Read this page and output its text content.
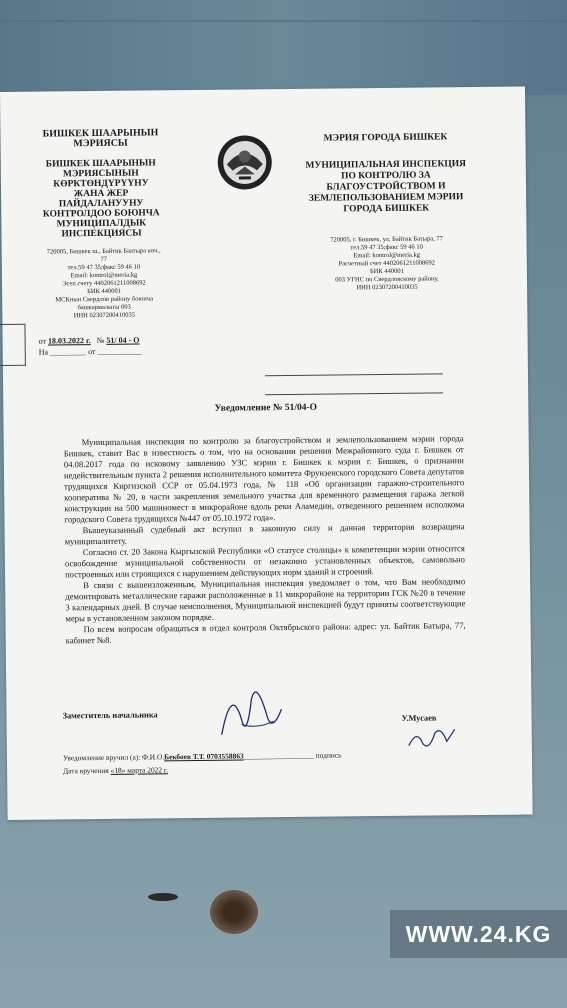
БИШКЕК ШААРЫНЫН МЭРИЯСЫ
БИШКЕК ШААРЫНЫН МЭРИЯСЫНЫН КӨРКТӨНДҮРҮҮНУ ЖАНА ЖЕР ПАЙДАЛАНУУНУ КОНТРОЛДОО БОЮНЧА МУНИЦИПАЛДЫК ИНСПЕКЦИЯСЫ
720005, Бишкек ш., Байтик Баатыра көч., 77
тел.59 47 35;факс 59 46 10
Email: kontrol@meria.kg
Эсеп счету 4402061211008692
БИК 440001
МСКнын Свердлов району боюнча
башкармалыгы 003
ИНН 02307200410035
МЭРИЯ ГОРОДА БИШКЕК
МУНИЦИПАЛЬНАЯ ИНСПЕКЦИЯ ПО КОНТРОЛЮ ЗА БЛАГОУСТРОЙСТВОМ И ЗЕМЛЕПОЛЬЗОВАНИЕМ МЭРИИ ГОРОДА БИШКЕК
720005, г. Бишкек, ул. Байтик Батыра, 77
тел.59 47 35;факс 59 46 10
Email: kontrol@meria.kg
Расчетный счет 4402061211008692
БИК 440001
003 УГНС по Свердловскому району,
ИНН 02307200410035
от 18.03.2022 г. № 51/ 04 - О
На _________ от ___________
Уведомление № 51/04-О

Муниципальная инспекция по контролю за благоустройством и землепользованием мэрии города Бишкек, ставит Вас в известность о том, что на основании решения Межрайонного суда г. Бишкек от 04.08.2017 года по исковому заявлению УЗС мэрии г. Бишкек к мэрии г. Бишкек, о признании недействительным пункта 2 решения исполнительного комитета Фрунзенского городского Совета депутатов трудящихся Киргизской ССР от 05.04.1973 года, № 118 «Об организации гаражно-строительного кооператива № 20, в части закрепления земельного участка для временного размещения гаража легкой конструкции на 500 машиномест в микрорайоне вдоль реки Аламедин, отведенного решением исполкома городского Совета трудящихся №447 от 05.10.1972 года».

Вышеуказанный судебный акт вступил в законную силу и данная территория возвращена муниципалитету.

Согласно ст. 20 Закона Кыргызской Республики «О статусе столицы» к компетенции мэрии относится освобождение муниципальной собственности от незаконно установленных объектов, самовольно построенных или строящихся с нарушением действующих норм зданий и строений.

В связи с вышеизложенным, Муниципальная инспекция уведомляет о том, что Вам необходимо демонтировать металлические гаражи расположенные в 11 микрорайоне на территории ГСК №20 в течение 3 календарных дней. В случае неисполнения, Муниципальной инспекцией будут приняты соответствующие меры в установленном законом порядке.

По всем вопросам обращаться в отдел контроля Октябрьского района: адрес: ул. Байтик Батыра, 77, кабинет №8.

Заместитель начальника	У.Мусаев
Уведомление вручил (а): Ф.И.О.Бекбоев Т.Т. 0703558863___________________ подпись
Дата вручения «18» марта 2022 г.
WWW.24.KG
